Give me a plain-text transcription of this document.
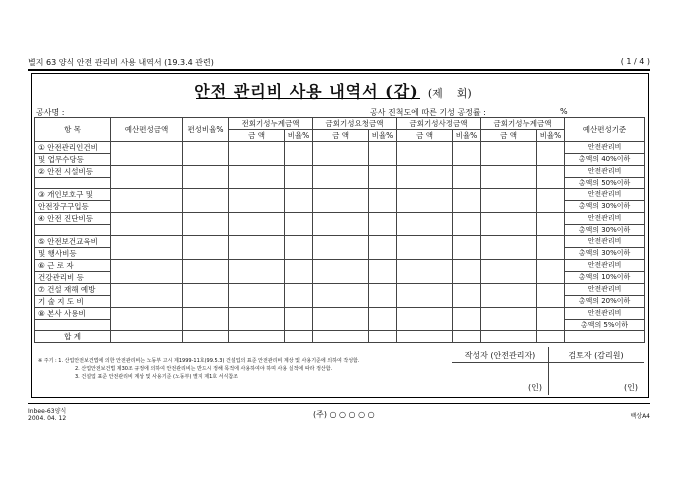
별지 63 양식 안전 관리비 사용 내역서 (19.3.4 관련)	( 1 / 4 )
안전 관리비 사용 내역서 (갑) (제 회)
공사명 :	공사 진척도에 따른 기성 공정률 :	%
항 목	예산편성금액	편성비율%	전회기성누계금액		금회기성요청금액		금회기성사정금액		금회기성누계금액		예산편성기준
			금 액	비율%	금 액	비율%	금 액	비율%	금 액	비율%	
① 안전관리인건비											안전관리비
및 업무수당등											총액의 40%이하
② 안전 시설비등											안전관리비
											총액의 50%이하
③ 개인보호구 및											안전관리비
안전장구구입등											총액의 30%이하
④ 안전 진단비등											안전관리비
											총액의 30%이하
⑤ 안전보건교육비											안전관리비
및 행사비등											총액의 30%이하
⑥ 근 로 자											안전관리비
건강관리비 등											총액의 10%이하
⑦ 건설 재해 예방											안전관리비
기 술 지 도 비											총액의 20%이하
⑧ 본사 사용비											안전관리비
											총액의 5%이하
합 계											

※ 주기 : 1. 산업안전보건법에 의한 안전관리비는 노동부 고시 제1999-11호(99.5.3) 건설업의 표준 안전관리비 계상 및 사용기준에 의하여 작성함.
2. 산업안전보건법 제30조 규정에 의하여 안전관리비는 반드시 정해 목적에 사용하여야 하며 사용 실적에 따라 정산함.
3. 건설업 표준 안전관리비 계상 및 사용기준 (노동부) 별지 제1호 서식참조
작성자 (안전관리자)
(인)
검토자 (감리원)
(인)
Inbee-63양식
2004. 04. 12	(주) ○ ○ ○ ○ ○	백상A4
